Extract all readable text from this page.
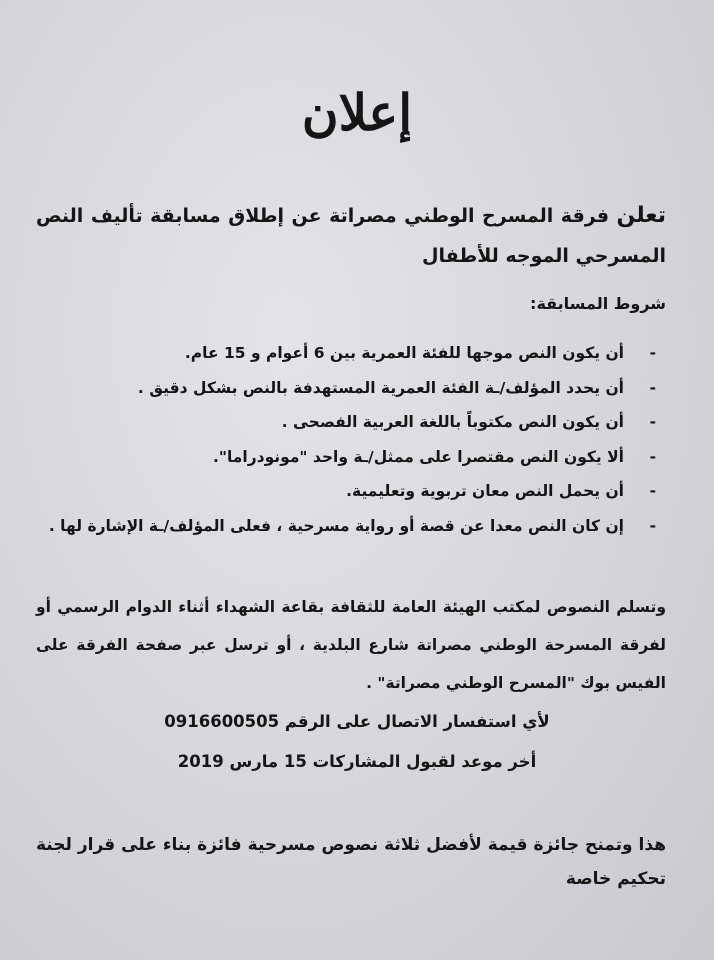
إعلان

تعلن فرقة المسرح الوطني مصراتة عن إطلاق مسابقة تأليف النص المسرحي الموجه للأطفال

شروط المسابقة:

-أن يكون النص موجها للفئة العمرية بين 6 أعوام و 15 عام.
-أن يحدد المؤلف/ـة الفئة العمرية المستهدفة بالنص بشكل دقيق .
-أن يكون النص مكتوباً باللغة العربية الفصحى .
-ألا يكون النص مقتصرا على ممثل/ـة واحد "مونودراما".
-أن يحمل النص معان تربوية وتعليمية.
-إن كان النص معدا عن قصة أو رواية مسرحية ، فعلى المؤلف/ـة الإشارة لها .

وتسلم النصوص لمكتب الهيئة العامة للثقافة بقاعة الشهداء أثناء الدوام الرسمي أو لفرقة المسرحة الوطني مصراتة شارع البلدية ، أو ترسل عبر صفحة الفرقة على الفيس بوك "المسرح الوطني مصراتة" .

لأي استفسار الاتصال على الرقم 0916600505
أخر موعد لقبول المشاركات 15 مارس 2019

هذا وتمنح جائزة قيمة لأفضل ثلاثة نصوص مسرحية فائزة بناء على قرار لجنة تحكيم خاصة
